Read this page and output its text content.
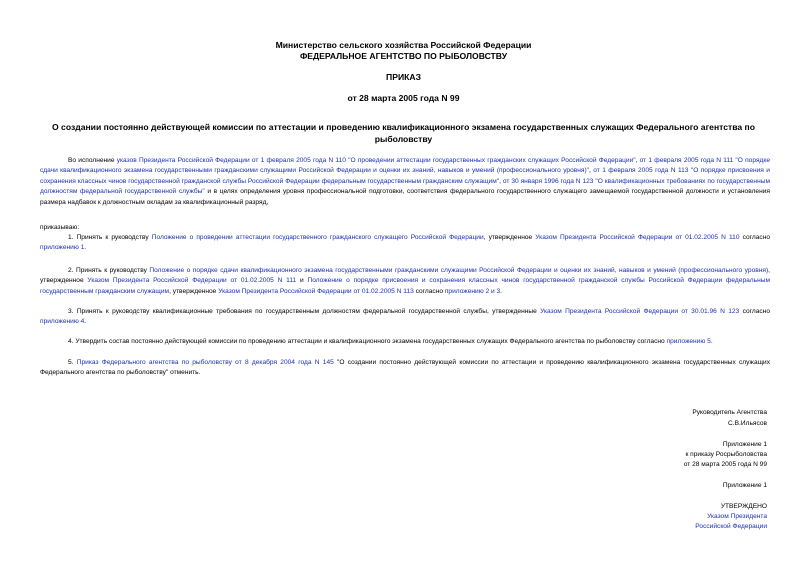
Министерство сельского хозяйства Российской Федерации
ФЕДЕРАЛЬНОЕ АГЕНТСТВО ПО РЫБОЛОВСТВУ
ПРИКАЗ
от 28 марта 2005 года N 99
О создании постоянно действующей комиссии по аттестации и проведению квалификационного экзамена государственных служащих Федерального агентства по рыболовству
Во исполнение указов Президента Российской Федерации от 1 февраля 2005 года N 110 "О проведении аттестации государственных гражданских служащих Российской Федерации", от 1 февраля 2005 года N 111 "О порядке сдачи квалификационного экзамена государственными гражданскими служащими Российской Федерации и оценки их знаний, навыков и умений (профессионального уровня)", от 1 февраля 2005 года N 113 "О порядке присвоения и сохранения классных чинов государственной гражданской службы Российской Федерации федеральным государственным гражданским служащим", от 30 января 1996 года N 123 "О квалификационных требованиях по государственным должностям федеральной государственной службы" и в целях определения уровня профессиональной подготовки, соответствия федерального государственного служащего замещаемой государственной должности и установления размера надбавок к должностным окладам за квалификационный разряд,
приказываю:
1. Принять к руководству Положение о проведении аттестации государственного гражданского служащего Российской Федерации, утвержденное Указом Президента Российской Федерации от 01.02.2005 N 110 согласно приложению 1.
2. Принять к руководству Положение о порядке сдачи квалификационного экзамена государственными гражданскими служащими Российской Федерации и оценки их знаний, навыков и умений (профессионального уровня), утвержденное Указом Президента Российской Федерации от 01.02.2005 N 111 и Положение о порядке присвоения и сохранения классных чинов государственной гражданской службы Российской Федерации федеральным государственным гражданским служащим, утвержденное Указом Президента Российской Федерации от 01.02.2005 N 113 согласно приложению 2 и 3.
3. Принять к руководству квалификационные требования по государственным должностям федеральной государственной службы, утвержденные Указом Президента Российской Федерации от 30.01.96 N 123 согласно приложению 4.
4. Утвердить состав постоянно действующей комиссии по проведению аттестации и квалификационного экзамена государственных служащих Федерального агентства по рыболовству согласно приложению 5.
5. Приказ Федерального агентства по рыболовству от 8 декабря 2004 года N 145 "О создании постоянно действующей комиссии по аттестации и проведению квалификационного экзамена государственных служащих Федерального агентства по рыболовству" отменить.
Руководитель Агентства
С.В.Ильясов
Приложение 1
к приказу Росрыболовства
от 28 марта 2005 года N 99
Приложение 1
УТВЕРЖДЕНО
Указом Президента
Российской Федерации
